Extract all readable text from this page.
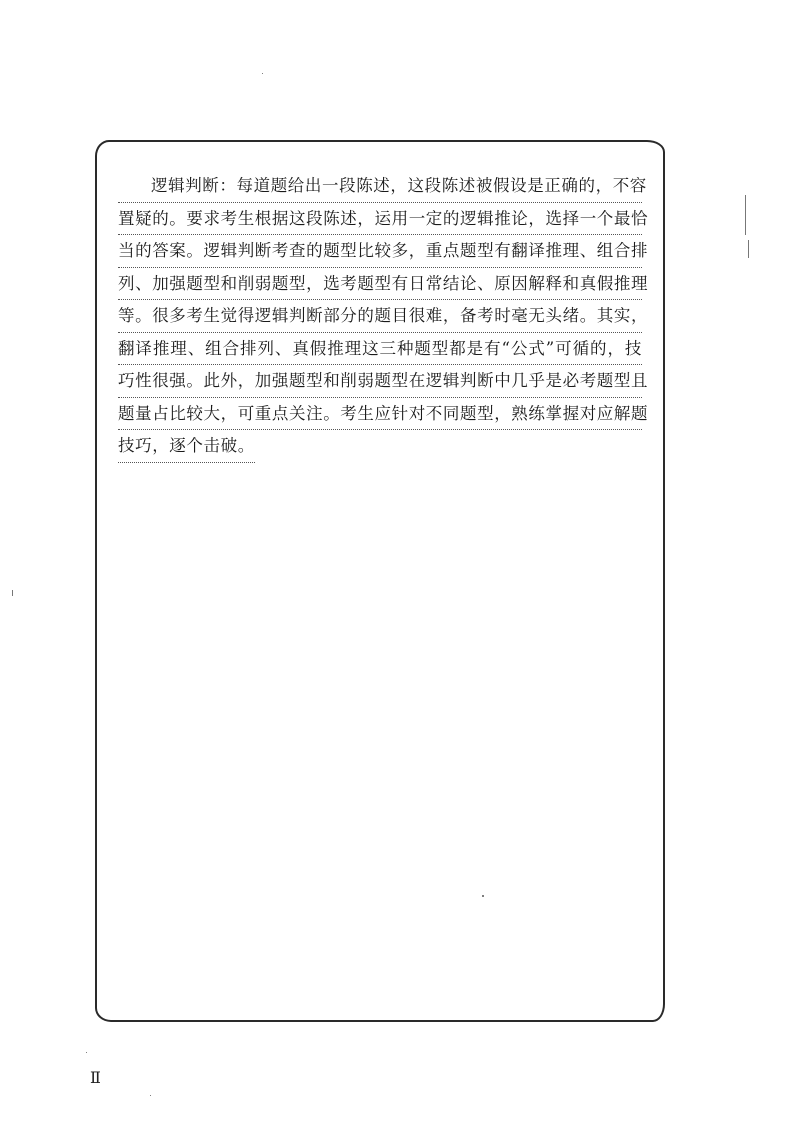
逻辑判断：每道题给出一段陈述，这段陈述被假设是正确的，不容
置疑的。要求考生根据这段陈述，运用一定的逻辑推论，选择一个最恰
当的答案。逻辑判断考查的题型比较多，重点题型有翻译推理、组合排
列、加强题型和削弱题型，选考题型有日常结论、原因解释和真假推理
等。很多考生觉得逻辑判断部分的题目很难，备考时毫无头绪。其实，
翻译推理、组合排列、真假推理这三种题型都是有“公式”可循的，技
巧性很强。此外，加强题型和削弱题型在逻辑判断中几乎是必考题型且
题量占比较大，可重点关注。考生应针对不同题型，熟练掌握对应解题
技巧，逐个击破。
Ⅱ
